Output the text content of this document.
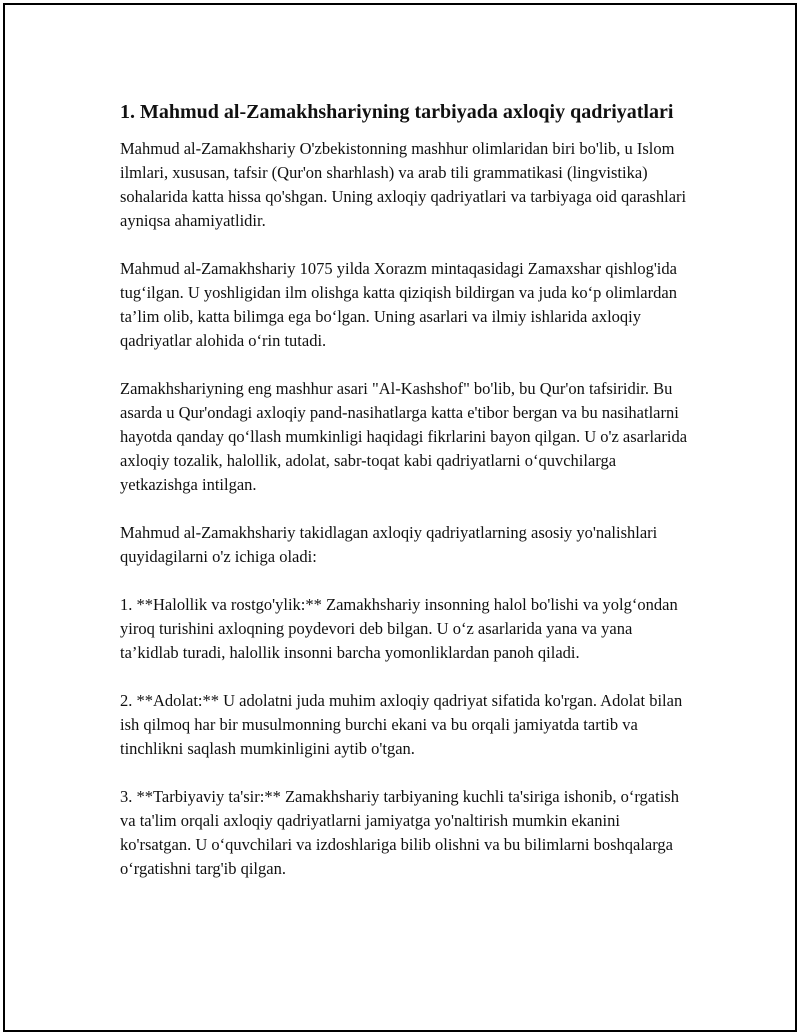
1. Mahmud al-Zamakhshariyning tarbiyada axloqiy qadriyatlari

Mahmud al-Zamakhshariy O'zbekistonning mashhur olimlaridan biri bo'lib, u Islom ilmlari, xususan, tafsir (Qur'on sharhlash) va arab tili grammatikasi (lingvistika) sohalarida katta hissa qo'shgan. Uning axloqiy qadriyatlari va tarbiyaga oid qarashlari ayniqsa ahamiyatlidir.

Mahmud al-Zamakhshariy 1075 yilda Xorazm mintaqasidagi Zamaxshar qishlog'ida tug‘ilgan. U yoshligidan ilm olishga katta qiziqish bildirgan va juda ko‘p olimlardan ta’lim olib, katta bilimga ega bo‘lgan. Uning asarlari va ilmiy ishlarida axloqiy qadriyatlar alohida o‘rin tutadi.

Zamakhshariyning eng mashhur asari "Al-Kashshof" bo'lib, bu Qur'on tafsiridir. Bu asarda u Qur'ondagi axloqiy pand-nasihatlarga katta e'tibor bergan va bu nasihatlarni hayotda qanday qo‘llash mumkinligi haqidagi fikrlarini bayon qilgan. U o'z asarlarida axloqiy tozalik, halollik, adolat, sabr-toqat kabi qadriyatlarni o‘quvchilarga yetkazishga intilgan.

Mahmud al-Zamakhshariy takidlagan axloqiy qadriyatlarning asosiy yo'nalishlari quyidagilarni o'z ichiga oladi:

1. **Halollik va rostgo'ylik:** Zamakhshariy insonning halol bo'lishi va yolg‘ondan yiroq turishini axloqning poydevori deb bilgan. U o‘z asarlarida yana va yana ta’kidlab turadi, halollik insonni barcha yomonliklardan panoh qiladi.

2. **Adolat:** U adolatni juda muhim axloqiy qadriyat sifatida ko'rgan. Adolat bilan ish qilmoq har bir musulmonning burchi ekani va bu orqali jamiyatda tartib va tinchlikni saqlash mumkinligini aytib o'tgan.

3. **Tarbiyaviy ta'sir:** Zamakhshariy tarbiyaning kuchli ta'siriga ishonib, o‘rgatish va ta'lim orqali axloqiy qadriyatlarni jamiyatga yo'naltirish mumkin ekanini ko'rsatgan. U o‘quvchilari va izdoshlariga bilib olishni va bu bilimlarni boshqalarga o‘rgatishni targ'ib qilgan.
